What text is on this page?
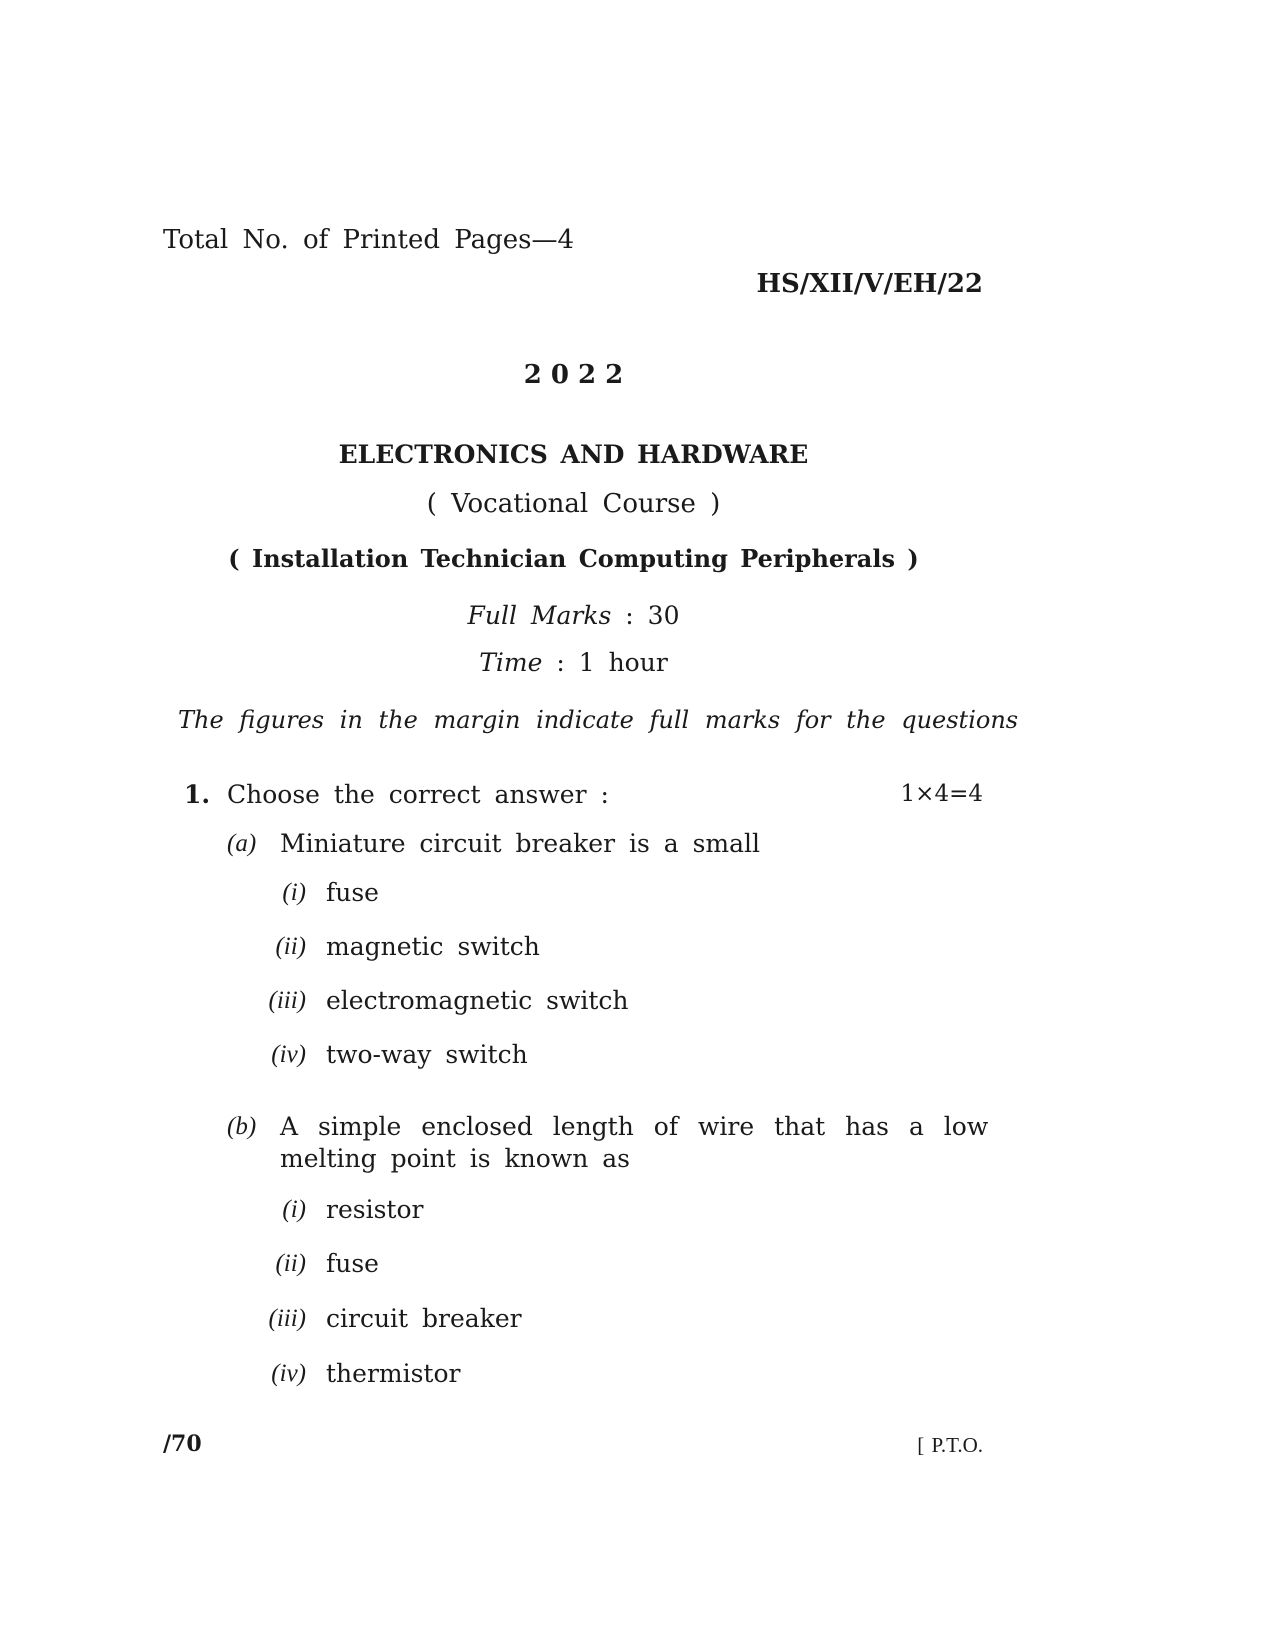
Total No. of Printed Pages—4
HS/XII/V/EH/22
2 0 2 2
ELECTRONICS AND HARDWARE
( Vocational Course )
( Installation Technician Computing Peripherals )
Full Marks : 30
Time : 1 hour
The figures in the margin indicate full marks for the questions
1. Choose the correct answer :	1×4=4
(a) Miniature circuit breaker is a small
(i) fuse
(ii) magnetic switch
(iii) electromagnetic switch
(iv) two-way switch
(b) A simple enclosed length of wire that has a low
melting point is known as
(i) resistor
(ii) fuse
(iii) circuit breaker
(iv) thermistor
/70	[ P.T.O.
